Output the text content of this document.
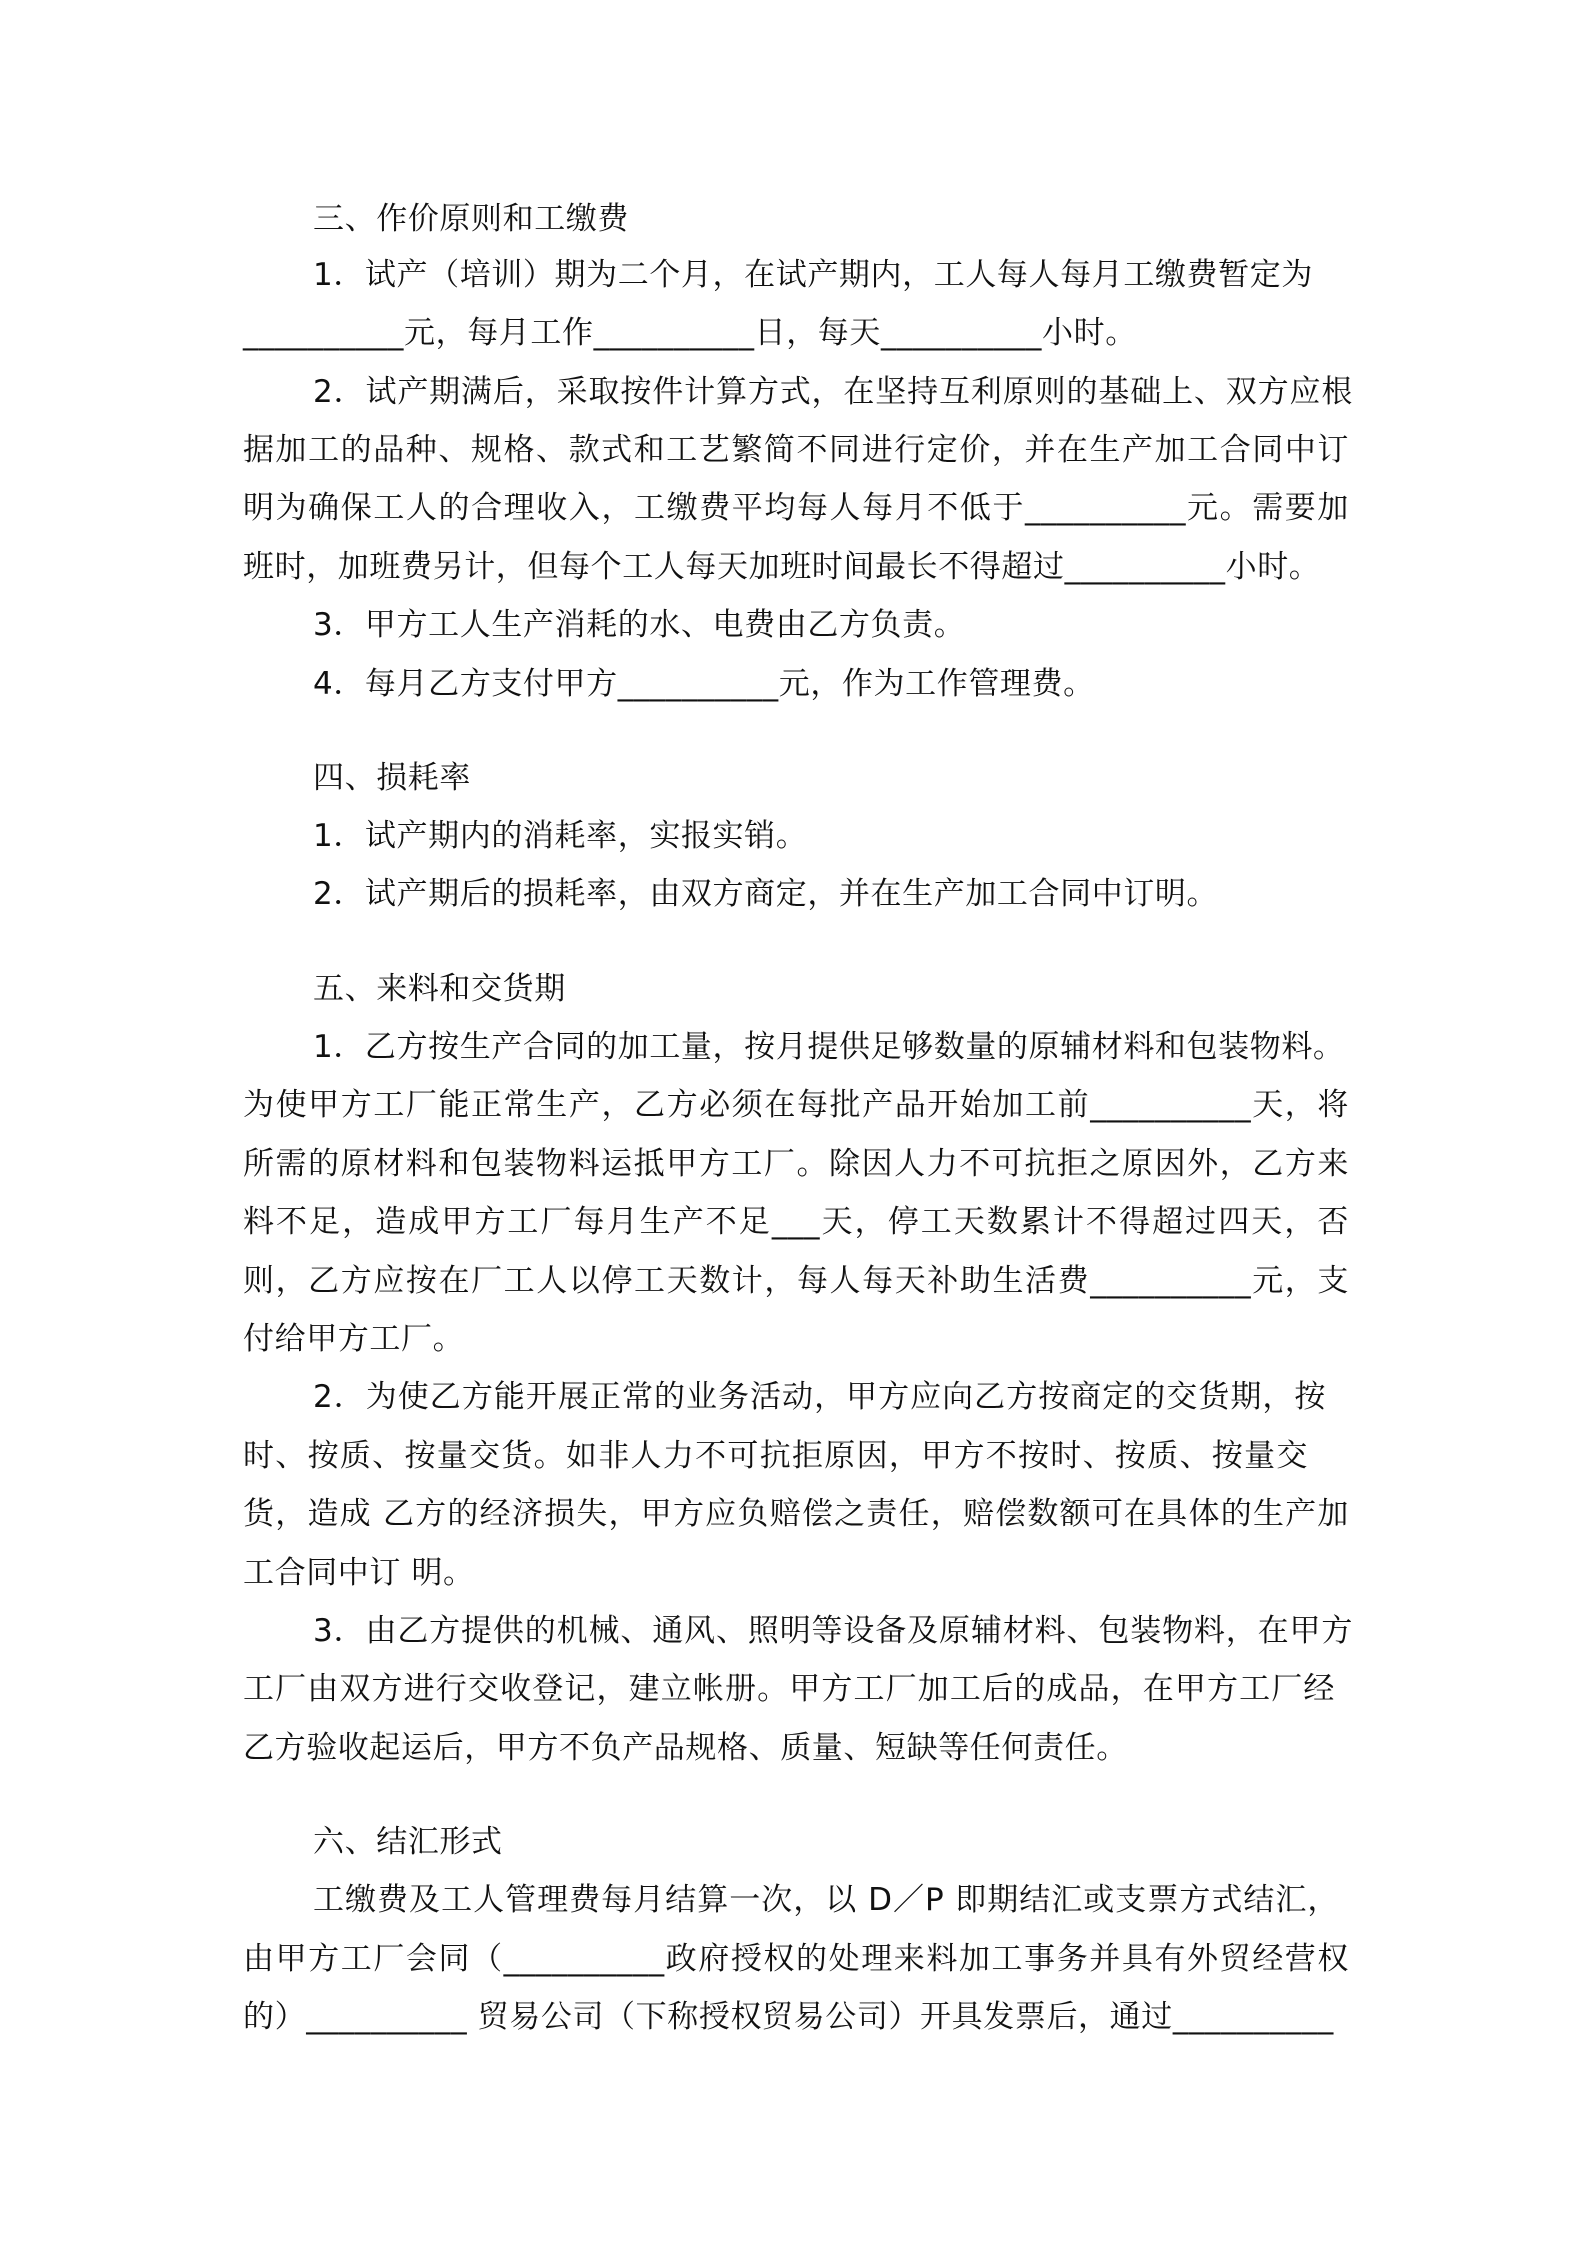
三、作价原则和工缴费

1．试产（培训）期为二个月，在试产期内，工人每人每月工缴费暂定为

__________元，每月工作__________日，每天__________小时。

2．试产期满后，采取按件计算方式，在坚持互利原则的基础上、双方应根

据加工的品种、规格、款式和工艺繁简不同进行定价，并在生产加工合同中订

明为确保工人的合理收入，工缴费平均每人每月不低于__________元。需要加

班时，加班费另计，但每个工人每天加班时间最长不得超过__________小时。

3．甲方工人生产消耗的水、电费由乙方负责。

4．每月乙方支付甲方__________元，作为工作管理费。

四、损耗率

1．试产期内的消耗率，实报实销。

2．试产期后的损耗率，由双方商定，并在生产加工合同中订明。

五、来料和交货期

1．乙方按生产合同的加工量，按月提供足够数量的原辅材料和包装物料。

为使甲方工厂能正常生产，乙方必须在每批产品开始加工前__________天，将

所需的原材料和包装物料运抵甲方工厂。除因人力不可抗拒之原因外，乙方来

料不足，造成甲方工厂每月生产不足___天，停工天数累计不得超过四天，否

则，乙方应按在厂工人以停工天数计，每人每天补助生活费__________元，支

付给甲方工厂。

2．为使乙方能开展正常的业务活动，甲方应向乙方按商定的交货期，按

时、按质、按量交货。如非人力不可抗拒原因，甲方不按时、按质、按量交

货，造成 乙方的经济损失，甲方应负赔偿之责任，赔偿数额可在具体的生产加

工合同中订 明。

3．由乙方提供的机械、通风、照明等设备及原辅材料、包装物料，在甲方

工厂由双方进行交收登记，建立帐册。甲方工厂加工后的成品，在甲方工厂经

乙方验收起运后，甲方不负产品规格、质量、短缺等任何责任。

六、结汇形式

工缴费及工人管理费每月结算一次，以 D／P 即期结汇或支票方式结汇，

由甲方工厂会同（__________政府授权的处理来料加工事务并具有外贸经营权

的）__________ 贸易公司（下称授权贸易公司）开具发票后，通过__________
